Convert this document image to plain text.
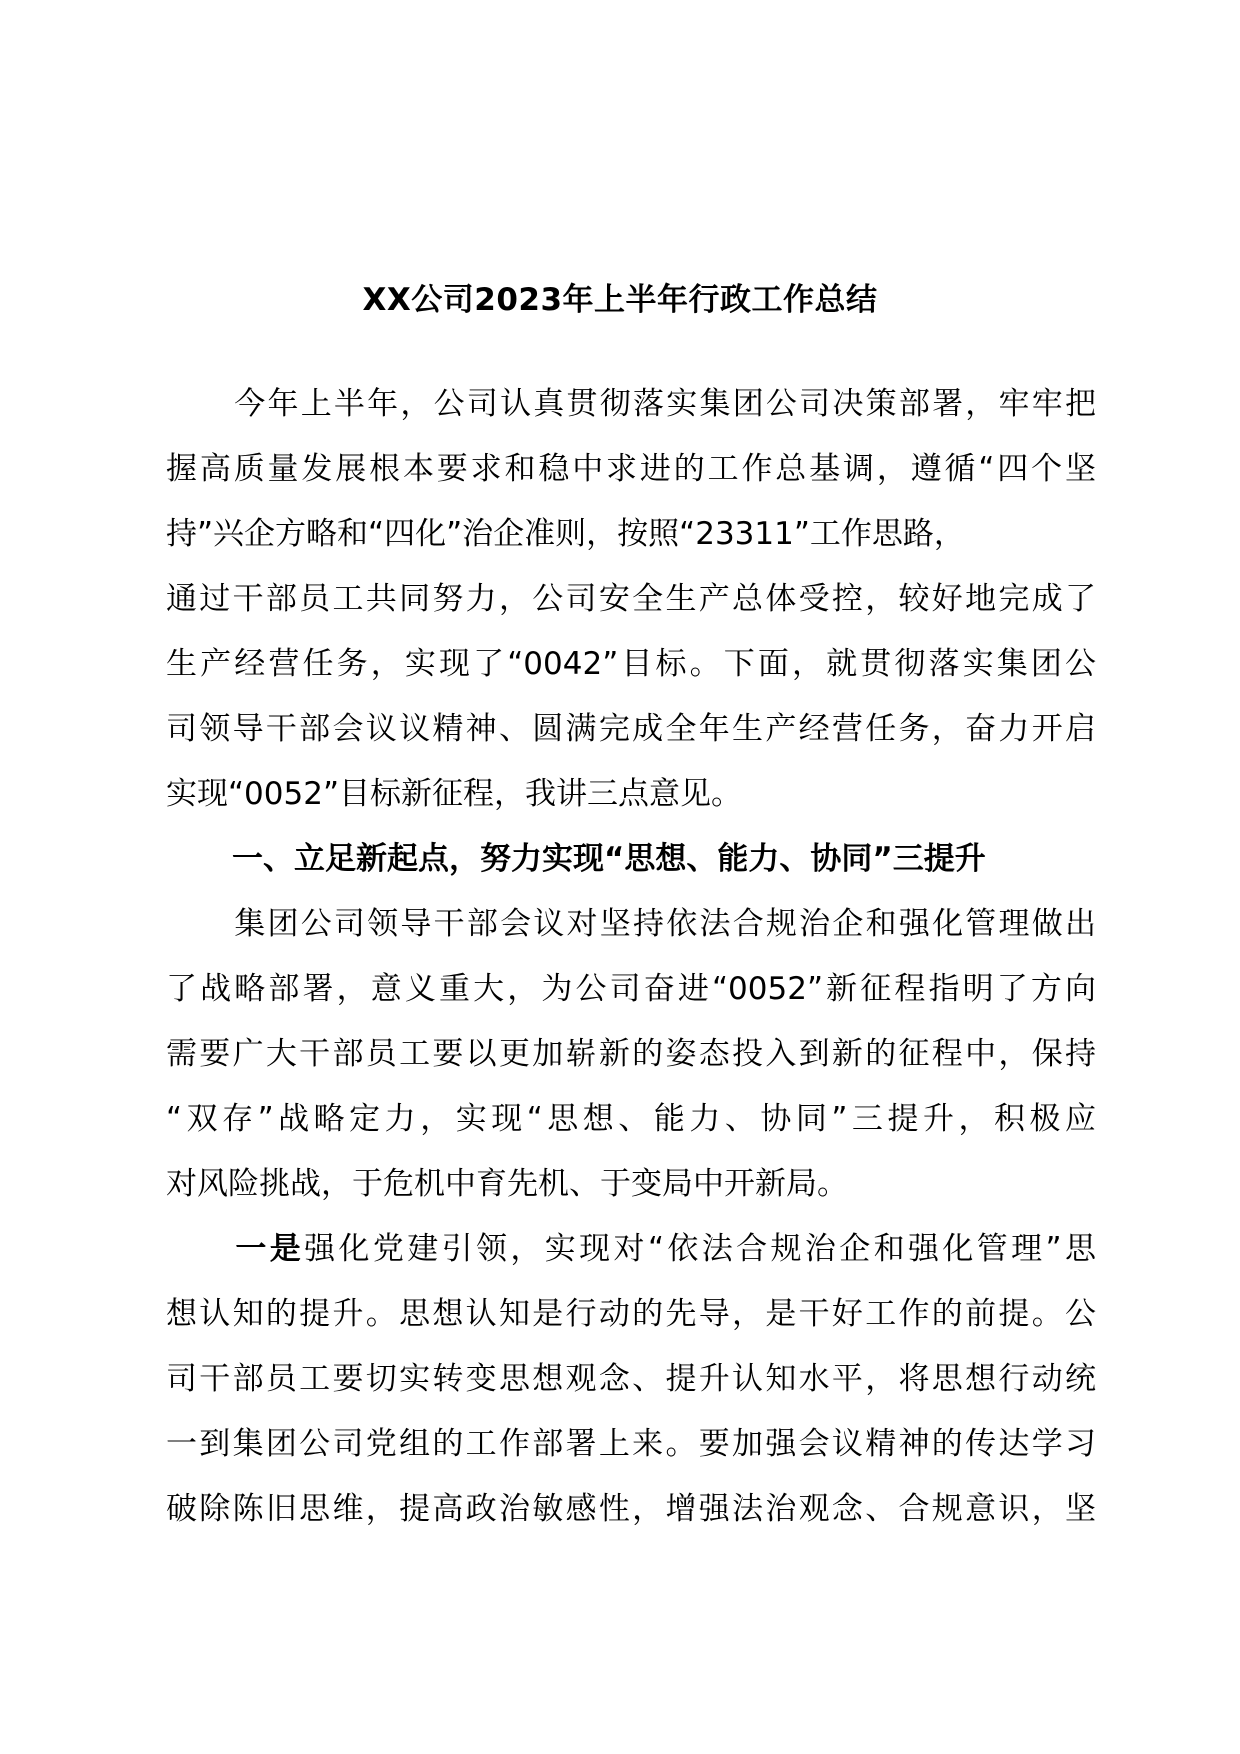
XX公司2023年上半年行政工作总结
今年上半年，公司认真贯彻落实集团公司决策部署，牢牢把
握高质量发展根本要求和稳中求进的工作总基调，遵循“四个坚
持”兴企方略和“四化”治企准则，按照“23311”工作思路，
通过干部员工共同努力，公司安全生产总体受控，较好地完成了
生产经营任务，实现了“0042”目标。下面，就贯彻落实集团公
司领导干部会议议精神、圆满完成全年生产经营任务，奋力开启
实现“0052”目标新征程，我讲三点意见。
一、立足新起点，努力实现“思想、能力、协同”三提升
集团公司领导干部会议对坚持依法合规治企和强化管理做出
了战略部署，意义重大，为公司奋进“0052”新征程指明了方向
需要广大干部员工要以更加崭新的姿态投入到新的征程中，保持
“双存”战略定力，实现“思想、能力、协同”三提升，积极应
对风险挑战，于危机中育先机、于变局中开新局。
一是强化党建引领，实现对“依法合规治企和强化管理”思
想认知的提升。思想认知是行动的先导，是干好工作的前提。公
司干部员工要切实转变思想观念、提升认知水平，将思想行动统
一到集团公司党组的工作部署上来。要加强会议精神的传达学习
破除陈旧思维，提高政治敏感性，增强法治观念、合规意识，坚
